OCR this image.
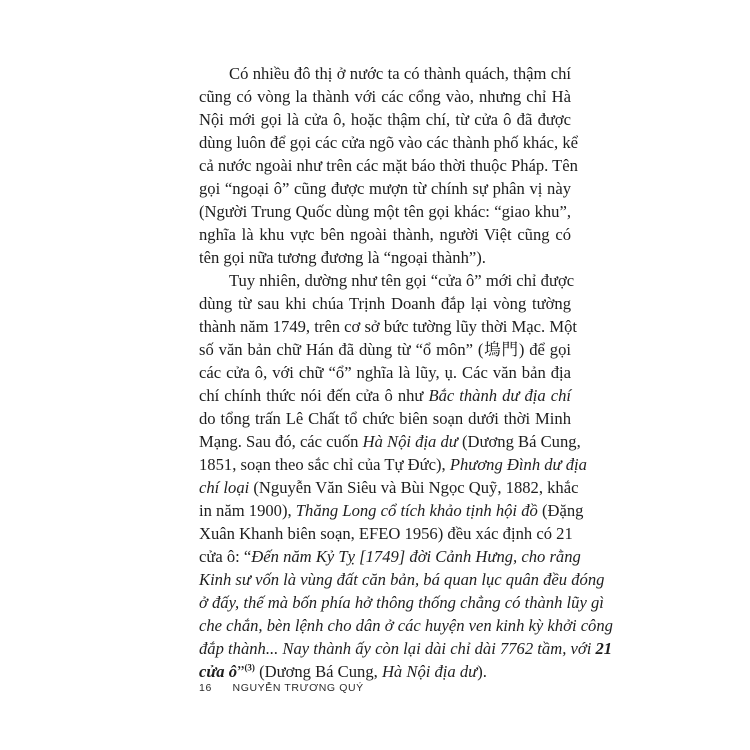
Có nhiều đô thị ở nước ta có thành quách, thậm chí
cũng có vòng la thành với các cổng vào, nhưng chỉ Hà
Nội mới gọi là cửa ô, hoặc thậm chí, từ cửa ô đã được
dùng luôn để gọi các cửa ngõ vào các thành phố khác, kể
cả nước ngoài như trên các mặt báo thời thuộc Pháp. Tên
gọi “ngoại ô” cũng được mượn từ chính sự phân vị này
(Người Trung Quốc dùng một tên gọi khác: “giao khu”,
nghĩa là khu vực bên ngoài thành, người Việt cũng có
tên gọi nữa tương đương là “ngoại thành”).
Tuy nhiên, dường như tên gọi “cửa ô” mới chỉ được
dùng từ sau khi chúa Trịnh Doanh đắp lại vòng tường
thành năm 1749, trên cơ sở bức tường lũy thời Mạc. Một
số văn bản chữ Hán đã dùng từ “ổ môn” (塢門) để gọi
các cửa ô, với chữ “ổ” nghĩa là lũy, ụ. Các văn bản địa
chí chính thức nói đến cửa ô như Bắc thành dư địa chí
do tổng trấn Lê Chất tổ chức biên soạn dưới thời Minh
Mạng. Sau đó, các cuốn Hà Nội địa dư (Dương Bá Cung,
1851, soạn theo sắc chỉ của Tự Đức), Phương Đình dư địa
chí loại (Nguyễn Văn Siêu và Bùi Ngọc Quỹ, 1882, khắc
in năm 1900), Thăng Long cổ tích khảo tịnh hội đồ (Đặng
Xuân Khanh biên soạn, EFEO 1956) đều xác định có 21
cửa ô: “Đến năm Kỷ Tỵ [1749] đời Cảnh Hưng, cho rằng
Kinh sư vốn là vùng đất căn bản, bá quan lục quân đều đóng
ở đấy, thế mà bốn phía hở thông thống chẳng có thành lũy gì
che chắn, bèn lệnh cho dân ở các huyện ven kinh kỳ khởi công
đắp thành... Nay thành ấy còn lại dài chỉ dài 7762 tầm, với 21
cửa ô”$^{(3)}$ (Dương Bá Cung, Hà Nội địa dư).
16 NGUYỄN TRƯƠNG QUÝ
